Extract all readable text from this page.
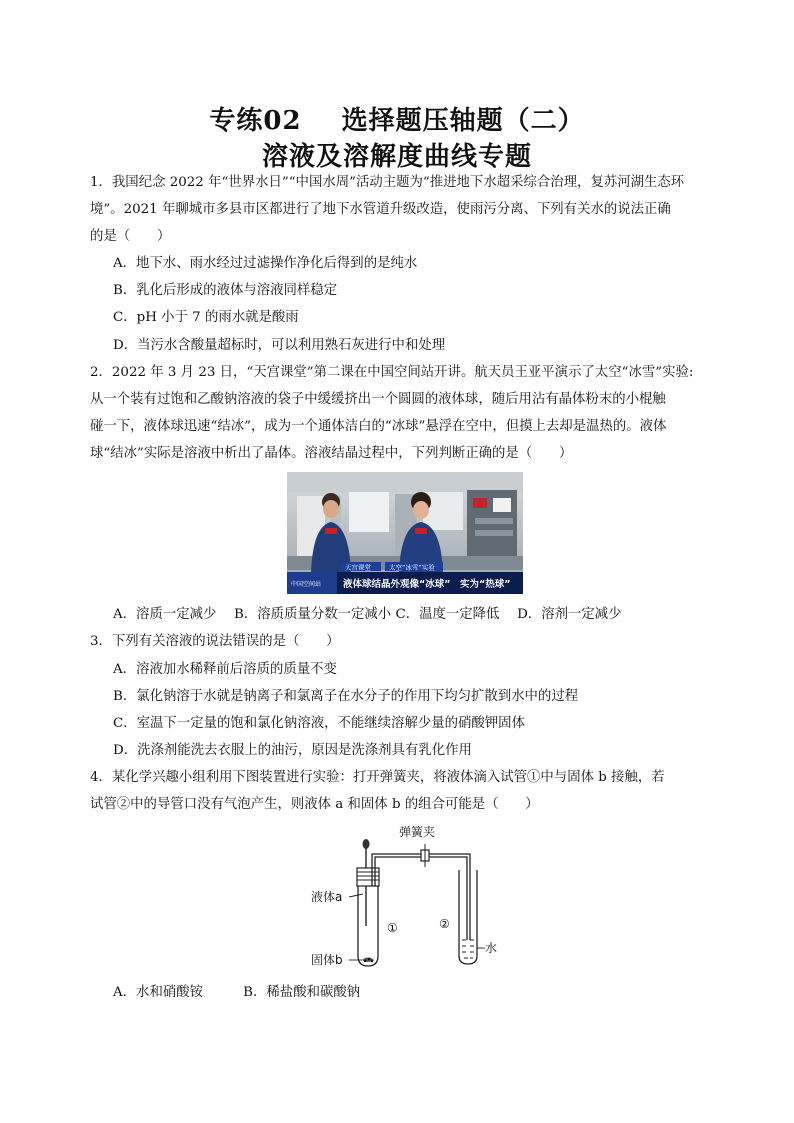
专练02 选择题压轴题（二）
溶液及溶解度曲线专题
1．我国纪念 2022 年“世界水日”“中国水周”活动主题为“推进地下水超采综合治理，复苏河湖生态环
境”。2021 年聊城市多县市区都进行了地下水管道升级改造，使雨污分离、下列有关水的说法正确
的是（　　）
A．地下水、雨水经过过滤操作净化后得到的是纯水
B．乳化后形成的液体与溶液同样稳定
C．pH 小于 7 的雨水就是酸雨
D．当污水含酸量超标时，可以利用熟石灰进行中和处理
2．2022 年 3 月 23 日，“天宫课堂”第二课在中国空间站开讲。航天员王亚平演示了太空“冰雪”实验:
从一个装有过饱和乙酸钠溶液的袋子中缓缓挤出一个圆圆的液体球，随后用沾有晶体粉末的小棍触
碰一下，液体球迅速“结冰”，成为一个通体洁白的“冰球”悬浮在空中，但摸上去却是温热的。液体
球“结冰”实际是溶液中析出了晶体。溶液结晶过程中，下列判断正确的是（　　）
天宫课堂	太空“冰雪”实验
中国空间站 液体球结晶外观像“冰球”　实为“热球”
A．溶质一定减少　 B．溶质质量分数一定减小 C．温度一定降低　 D．溶剂一定减少
3．下列有关溶液的说法错误的是（　　）
A．溶液加水稀释前后溶质的质量不变
B．氯化钠溶于水就是钠离子和氯离子在水分子的作用下均匀扩散到水中的过程
C．室温下一定量的饱和氯化钠溶液，不能继续溶解少量的硝酸钾固体
D．洗涤剂能洗去衣服上的油污，原因是洗涤剂具有乳化作用
4．某化学兴趣小组利用下图装置进行实验：打开弹簧夹，将液体滴入试管①中与固体 b 接触，若
试管②中的导管口没有气泡产生，则液体 a 和固体 b 的组合可能是（　　）
弹簧夹
液体a
固体b
①	②
水
A．水和硝酸铵　　　B．稀盐酸和碳酸钠
